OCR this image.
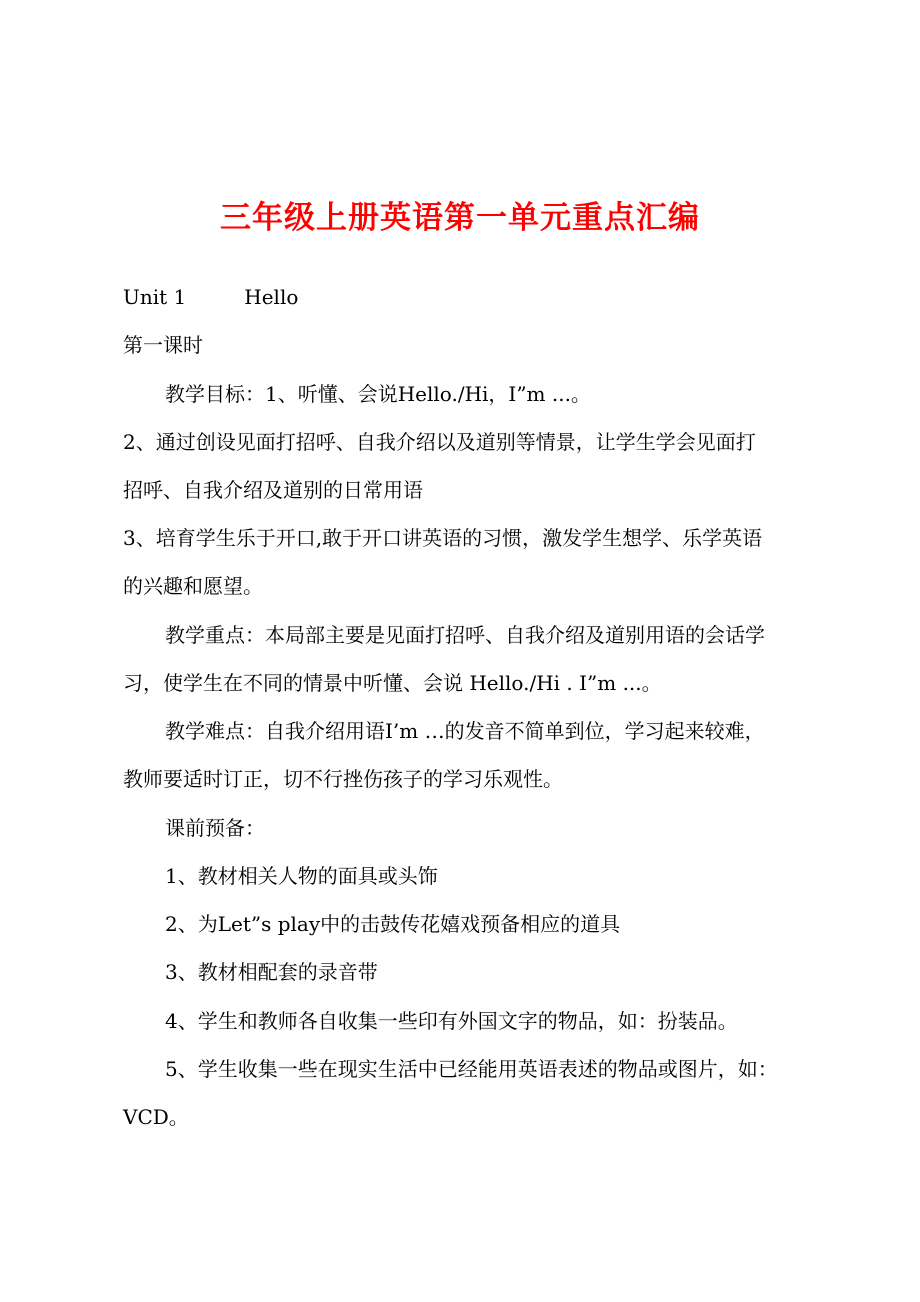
三年级上册英语第一单元重点汇编
Unit 1	Hello
第一课时
教学目标：1、听懂、会说Hello./Hi，I”m ...。
2、通过创设见面打招呼、自我介绍以及道别等情景，让学生学会见面打
招呼、自我介绍及道别的日常用语
3、培育学生乐于开口,敢于开口讲英语的习惯，激发学生想学、乐学英语
的兴趣和愿望。
教学重点：本局部主要是见面打招呼、自我介绍及道别用语的会话学
习，使学生在不同的情景中听懂、会说 Hello./Hi . I”m ...。
教学难点：自我介绍用语I’m …的发音不简单到位，学习起来较难，
教师要适时订正，切不行挫伤孩子的学习乐观性。
课前预备：
1、教材相关人物的面具或头饰
2、为Let”s play中的击鼓传花嬉戏预备相应的道具
3、教材相配套的录音带
4、学生和教师各自收集一些印有外国文字的物品，如：扮装品。
5、学生收集一些在现实生活中已经能用英语表述的物品或图片，如：
VCD。
